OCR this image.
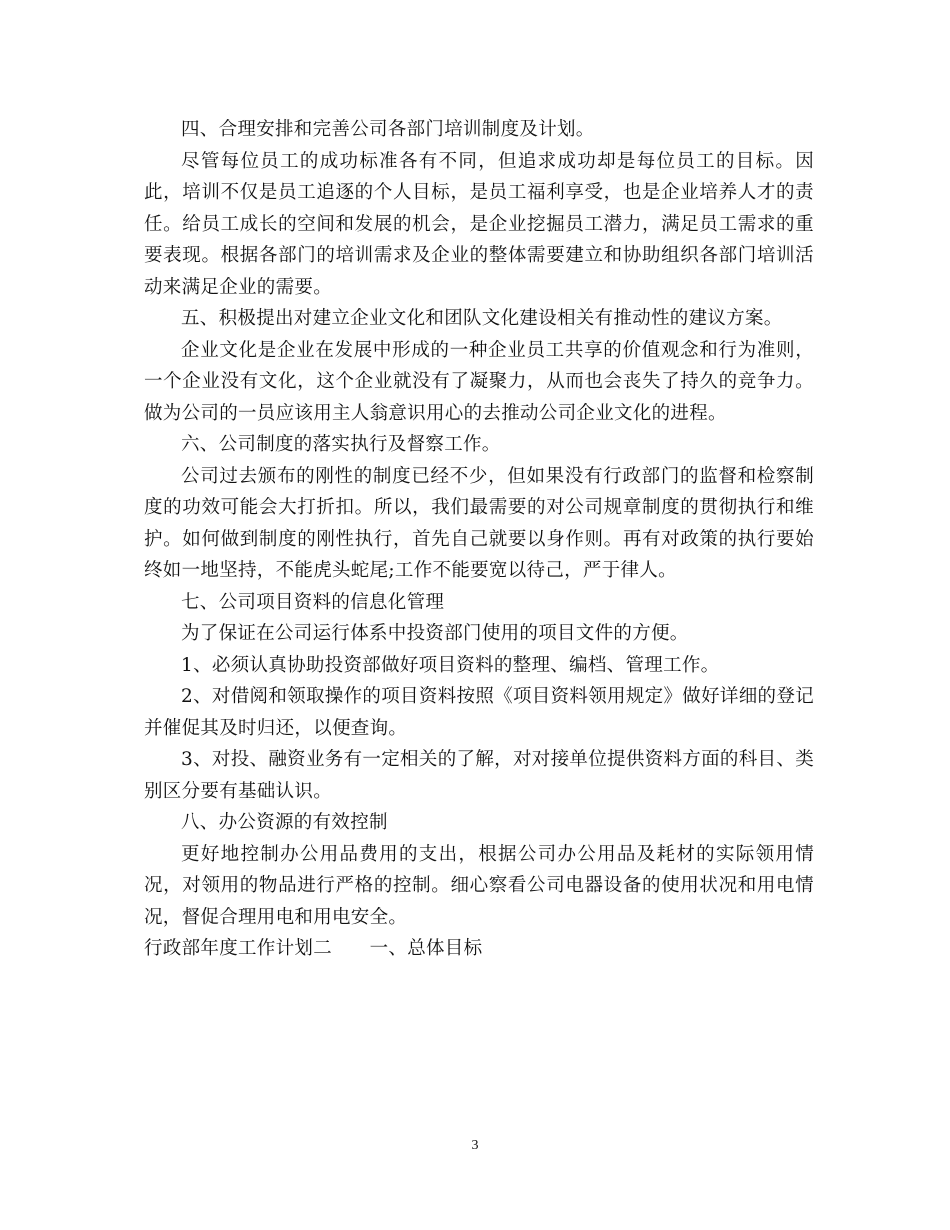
四、合理安排和完善公司各部门培训制度及计划。

尽管每位员工的成功标准各有不同，但追求成功却是每位员工的目标。因此，培训不仅是员工追逐的个人目标，是员工福利享受，也是企业培养人才的责任。给员工成长的空间和发展的机会，是企业挖掘员工潜力，满足员工需求的重要表现。根据各部门的培训需求及企业的整体需要建立和协助组织各部门培训活动来满足企业的需要。

五、积极提出对建立企业文化和团队文化建设相关有推动性的建议方案。

企业文化是企业在发展中形成的一种企业员工共享的价值观念和行为准则，一个企业没有文化，这个企业就没有了凝聚力，从而也会丧失了持久的竞争力。做为公司的一员应该用主人翁意识用心的去推动公司企业文化的进程。

六、公司制度的落实执行及督察工作。

公司过去颁布的刚性的制度已经不少，但如果没有行政部门的监督和检察制度的功效可能会大打折扣。所以，我们最需要的对公司规章制度的贯彻执行和维护。如何做到制度的刚性执行，首先自己就要以身作则。再有对政策的执行要始终如一地坚持，不能虎头蛇尾;工作不能要宽以待己，严于律人。

七、公司项目资料的信息化管理

为了保证在公司运行体系中投资部门使用的项目文件的方便。

1、必须认真协助投资部做好项目资料的整理、编档、管理工作。

2、对借阅和领取操作的项目资料按照《项目资料领用规定》做好详细的登记并催促其及时归还，以便查询。

3、对投、融资业务有一定相关的了解，对对接单位提供资料方面的科目、类别区分要有基础认识。

八、办公资源的有效控制

更好地控制办公用品费用的支出，根据公司办公用品及耗材的实际领用情况，对领用的物品进行严格的控制。细心察看公司电器设备的使用状况和用电情况，督促合理用电和用电安全。

行政部年度工作计划二　　一、总体目标

3
